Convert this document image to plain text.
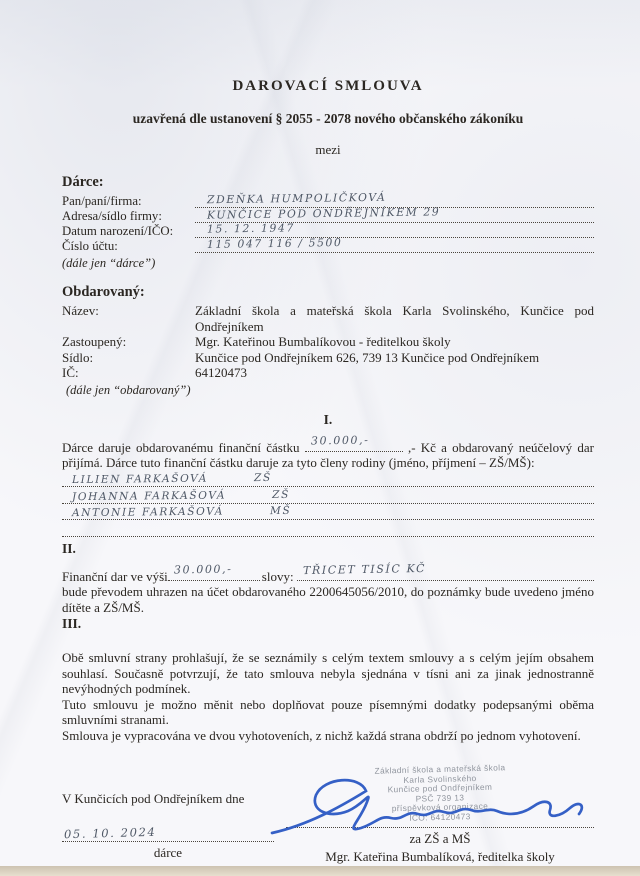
DAROVACÍ SMLOUVA
uzavřená dle ustanovení § 2055 - 2078 nového občanského zákoníku
mezi
Dárce:
Pan/paní/firma:	ZDEŇKA HUMPOLIČKOVÁ
Adresa/sídlo firmy:	KUNČICE POD ONDŘEJNÍKEM 29
Datum narození/IČO:	15. 12. 1947
Číslo účtu:	115 047 116 / 5500
(dále jen “dárce”)
Obdarovaný:
Název:	Základní škola a mateřská škola Karla Svolinského, Kunčice pod Ondřejníkem
Zastoupený:	Mgr. Kateřinou Bumbalíkovou - ředitelkou školy
Sídlo:	Kunčice pod Ondřejníkem 626, 739 13 Kunčice pod Ondřejníkem
IČ:	64120473
(dále jen “obdarovaný”)
I.

Dárce daruje obdarovanému finanční částku 30.000,-	,- Kč a obdarovaný neúčelový dar přijímá. Dárce tuto finanční částku daruje za tyto členy rodiny (jméno, příjmení – ZŠ/MŠ):

LILIEN FARKAŠOVÁ	ZŠ
JOHANNA FARKAŠOVÁ	ZŠ
ANTONIE FARKAŠOVÁ	MŠ
II.
Finanční dar ve výši 30.000,- slovy: TŘICET TISÍC KČ

bude převodem uhrazen na účet obdarovaného 2200645056/2010, do poznámky bude uvedeno jméno dítěte a ZŠ/MŠ.

III.

Obě smluvní strany prohlašují, že se seznámily s celým textem smlouvy a s celým jejím obsahem souhlasí. Současně potvrzují, že tato smlouva nebyla sjednána v tísni ani za jinak jednostranně nevýhodných podmínek.

Tuto smlouvu je možno měnit nebo doplňovat pouze písemnými dodatky podepsanými oběma smluvními stranami.

Smlouva je vypracována ve dvou vyhotoveních, z nichž každá strana obdrží po jednom vyhotovení.

V Kunčicích pod Ondřejníkem dne
05. 10. 2024
dárce
Základní škola a mateřská škola
Karla Svolinského
Kunčice pod Ondřejníkem
PSČ 739 13
příspěvková organizace
IČO: 64120473
za ZŠ a MŠ
Mgr. Kateřina Bumbalíková, ředitelka školy
